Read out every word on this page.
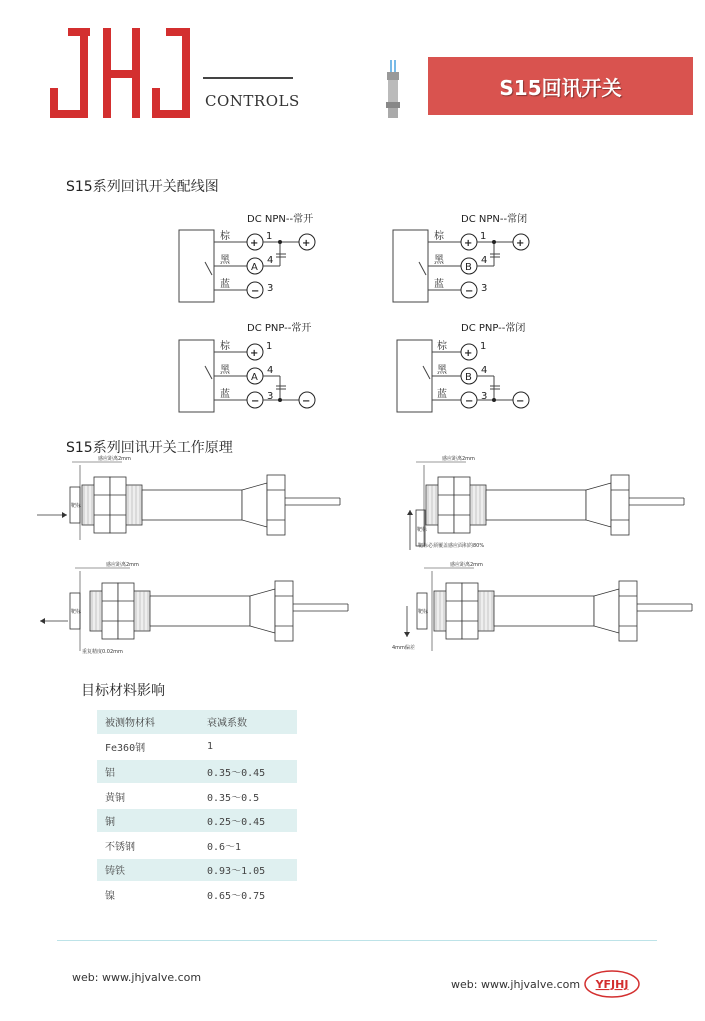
JHJ
CONTROLS
S15回讯开关
S15系列回讯开关配线图
S15系列回讯开关工作原理
目标材料影响
DC NPN--常开
棕
黑
蓝
+
A
−
1
4
3
+
DC NPN--常闭
棕
黑
蓝
+
B
−
1
4
3
+
DC PNP--常开
棕
黑
蓝
+
A
−
1
4
3	−
DC PNP--常闭
棕
黑
蓝
+
B
−
1
4
3	−
靶标
感应距离2mm
靶标
感应距离2mm
靶标必须覆盖感应面积的80%
靶标
感应距离2mm
重复精度0.02mm
靶标
感应距离2mm
4mm偏差
被测物材料	衰减系数
Fe360钢	1
铝	0.35～0.45
黄铜	0.35～0.5
铜	0.25～0.45
不锈钢	0.6～1
铸铁	0.93～1.05
镍	0.65～0.75
web: www.jhjvalve.com
web: www.jhjvalve.com YFJHJ
